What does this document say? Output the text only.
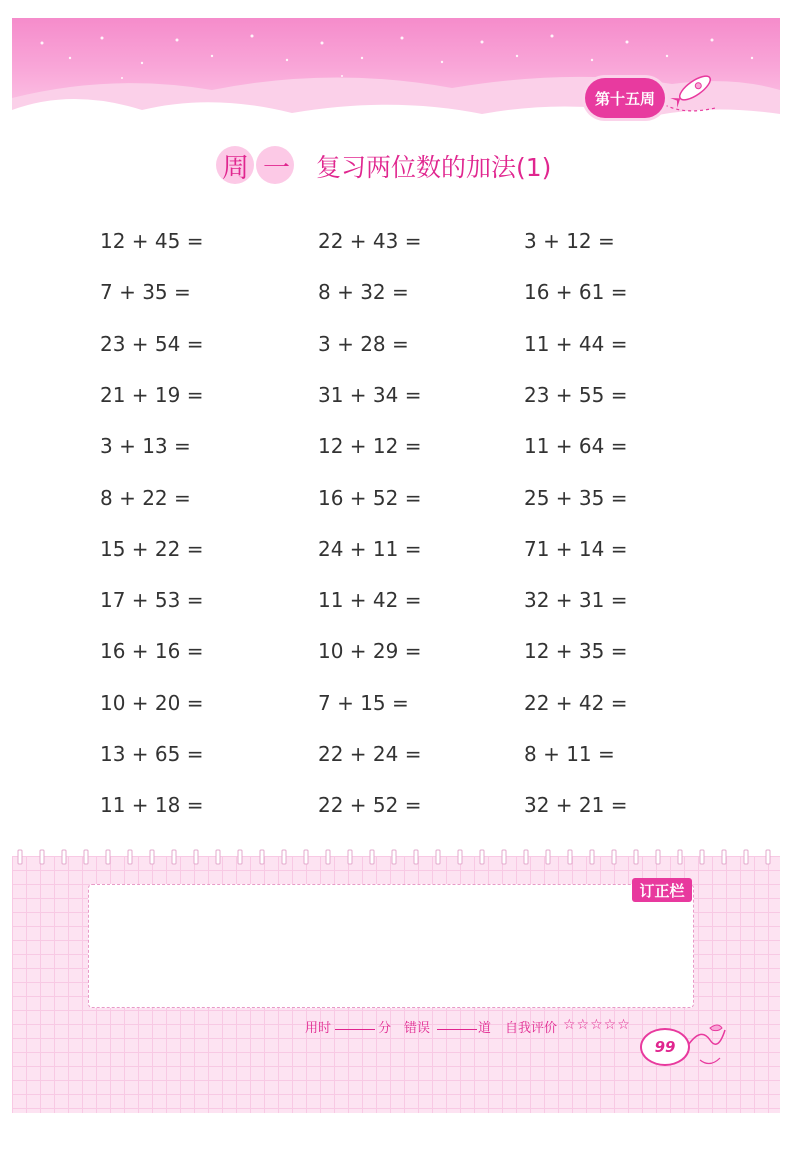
第十五周
周一 复习两位数的加法(1)
12 + 45 =
7 + 35 =
23 + 54 =
21 + 19 =
3 + 13 =
8 + 22 =
15 + 22 =
17 + 53 =
16 + 16 =
10 + 20 =
13 + 65 =
11 + 18 =
22 + 43 =
8 + 32 =
3 + 28 =
31 + 34 =
12 + 12 =
16 + 52 =
24 + 11 =
11 + 42 =
10 + 29 =
7 + 15 =
22 + 24 =
22 + 52 =
3 + 12 =
16 + 61 =
11 + 44 =
23 + 55 =
11 + 64 =
25 + 35 =
71 + 14 =
32 + 31 =
12 + 35 =
22 + 42 =
8 + 11 =
32 + 21 =
订正栏
用时	分 错误	道 自我评价 ☆☆☆☆☆
99
